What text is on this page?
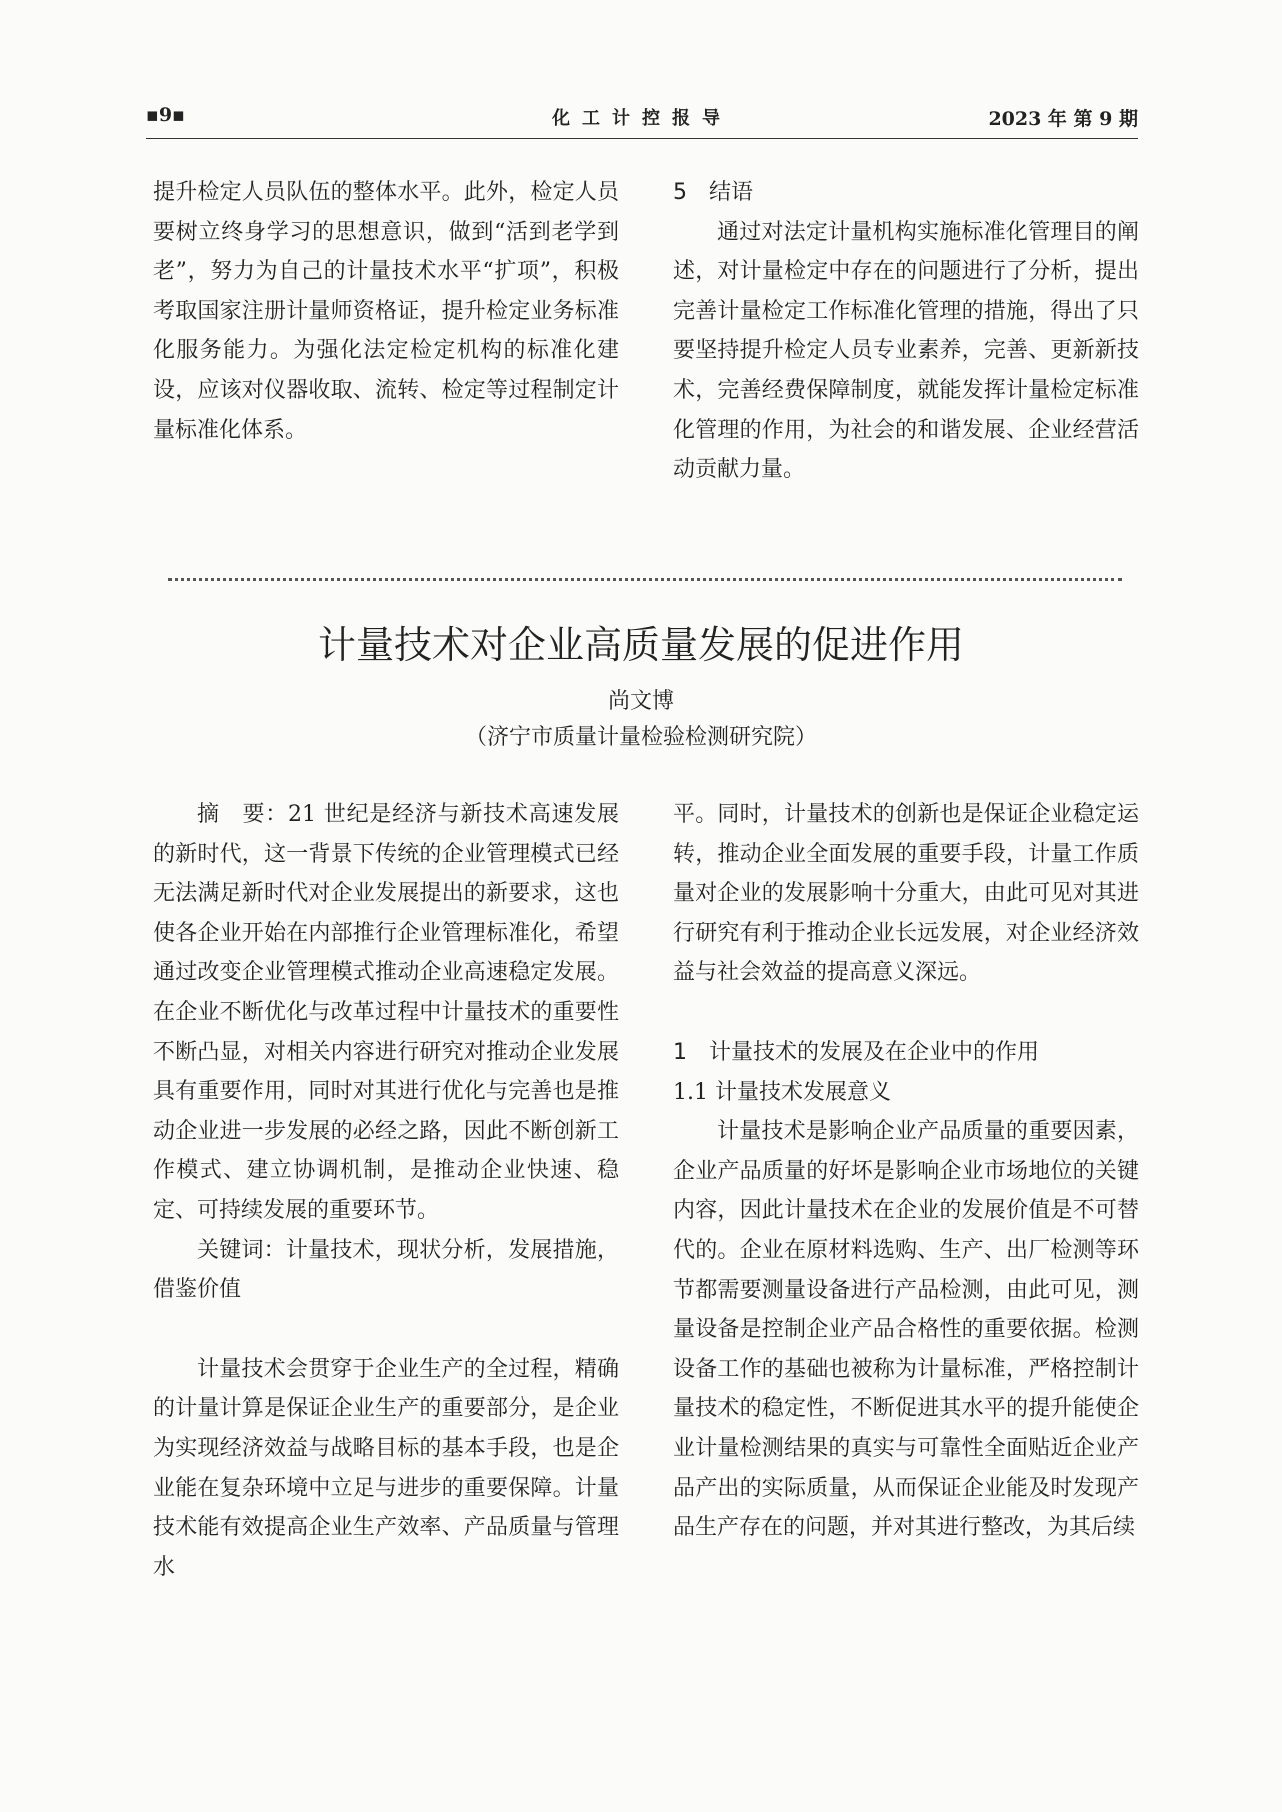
▪9▪	化工计控报导	2023 年 第 9 期

提升检定人员队伍的整体水平。此外，检定人员要树立终身学习的思想意识，做到“活到老学到老”，努力为自己的计量技术水平“扩项”，积极考取国家注册计量师资格证，提升检定业务标准化服务能力。为强化法定检定机构的标准化建设，应该对仪器收取、流转、检定等过程制定计量标准化体系。

5　结语

通过对法定计量机构实施标准化管理目的阐述，对计量检定中存在的问题进行了分析，提出完善计量检定工作标准化管理的措施，得出了只要坚持提升检定人员专业素养，完善、更新新技术，完善经费保障制度，就能发挥计量检定标准化管理的作用，为社会的和谐发展、企业经营活动贡献力量。

计量技术对企业高质量发展的促进作用
尚文博
（济宁市质量计量检验检测研究院）

摘　要：21 世纪是经济与新技术高速发展的新时代，这一背景下传统的企业管理模式已经无法满足新时代对企业发展提出的新要求，这也使各企业开始在内部推行企业管理标准化，希望通过改变企业管理模式推动企业高速稳定发展。在企业不断优化与改革过程中计量技术的重要性不断凸显，对相关内容进行研究对推动企业发展具有重要作用，同时对其进行优化与完善也是推动企业进一步发展的必经之路，因此不断创新工作模式、建立协调机制，是推动企业快速、稳定、可持续发展的重要环节。

关键词：计量技术，现状分析，发展措施，借鉴价值

计量技术会贯穿于企业生产的全过程，精确的计量计算是保证企业生产的重要部分，是企业为实现经济效益与战略目标的基本手段，也是企业能在复杂环境中立足与进步的重要保障。计量技术能有效提高企业生产效率、产品质量与管理水

平。同时，计量技术的创新也是保证企业稳定运转，推动企业全面发展的重要手段，计量工作质量对企业的发展影响十分重大，由此可见对其进行研究有利于推动企业长远发展，对企业经济效益与社会效益的提高意义深远。

1　计量技术的发展及在企业中的作用

1.1 计量技术发展意义

计量技术是影响企业产品质量的重要因素，企业产品质量的好坏是影响企业市场地位的关键内容，因此计量技术在企业的发展价值是不可替代的。企业在原材料选购、生产、出厂检测等环节都需要测量设备进行产品检测，由此可见，测量设备是控制企业产品合格性的重要依据。检测设备工作的基础也被称为计量标准，严格控制计量技术的稳定性，不断促进其水平的提升能使企业计量检测结果的真实与可靠性全面贴近企业产品产出的实际质量，从而保证企业能及时发现产品生产存在的问题，并对其进行整改，为其后续
